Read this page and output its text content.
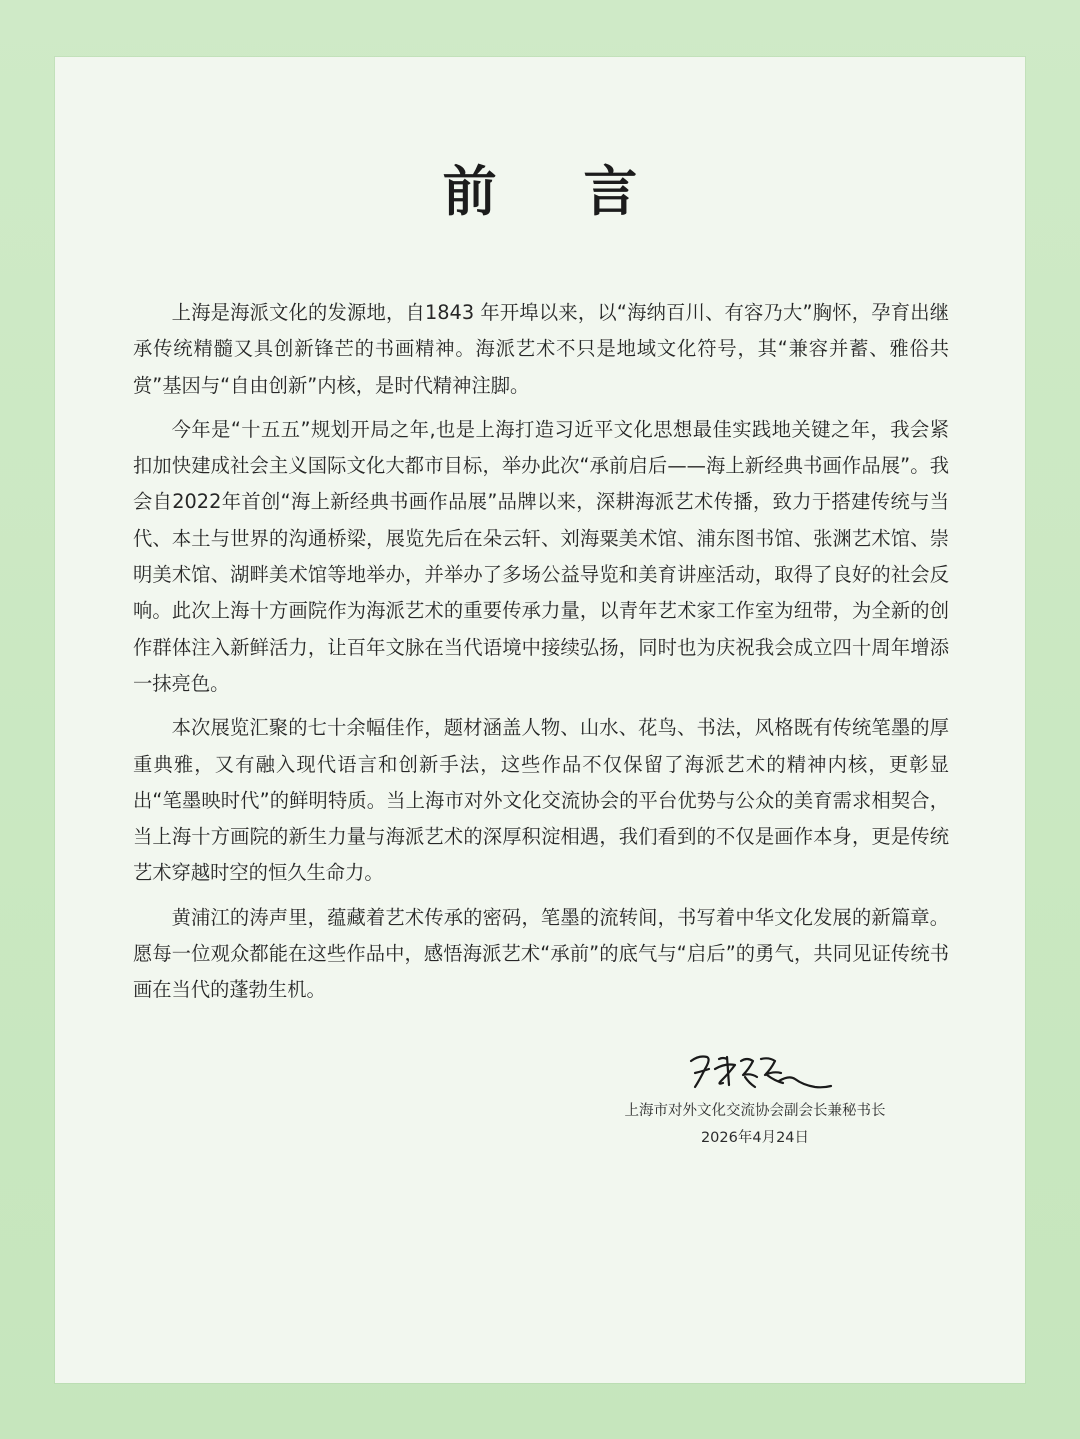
前 言

上海是海派文化的发源地，自1843 年开埠以来，以“海纳百川、有容乃大”胸怀，孕育出继承传统精髓又具创新锋芒的书画精神。海派艺术不只是地域文化符号，其“兼容并蓄、雅俗共赏”基因与“自由创新”内核，是时代精神注脚。

今年是“十五五”规划开局之年,也是上海打造习近平文化思想最佳实践地关键之年，我会紧扣加快建成社会主义国际文化大都市目标，举办此次“承前启后——海上新经典书画作品展”。我会自2022年首创“海上新经典书画作品展”品牌以来，深耕海派艺术传播，致力于搭建传统与当代、本土与世界的沟通桥梁，展览先后在朵云轩、刘海粟美术馆、浦东图书馆、张渊艺术馆、崇明美术馆、湖畔美术馆等地举办，并举办了多场公益导览和美育讲座活动，取得了良好的社会反响。此次上海十方画院作为海派艺术的重要传承力量，以青年艺术家工作室为纽带，为全新的创作群体注入新鲜活力，让百年文脉在当代语境中接续弘扬，同时也为庆祝我会成立四十周年增添一抹亮色。

本次展览汇聚的七十余幅佳作，题材涵盖人物、山水、花鸟、书法，风格既有传统笔墨的厚重典雅，又有融入现代语言和创新手法，这些作品不仅保留了海派艺术的精神内核，更彰显出“笔墨映时代”的鲜明特质。当上海市对外文化交流协会的平台优势与公众的美育需求相契合，当上海十方画院的新生力量与海派艺术的深厚积淀相遇，我们看到的不仅是画作本身，更是传统艺术穿越时空的恒久生命力。

黄浦江的涛声里，蕴藏着艺术传承的密码，笔墨的流转间，书写着中华文化发展的新篇章。愿每一位观众都能在这些作品中，感悟海派艺术“承前”的底气与“启后”的勇气，共同见证传统书画在当代的蓬勃生机。

上海市对外文化交流协会副会长兼秘书长
2026年4月24日
